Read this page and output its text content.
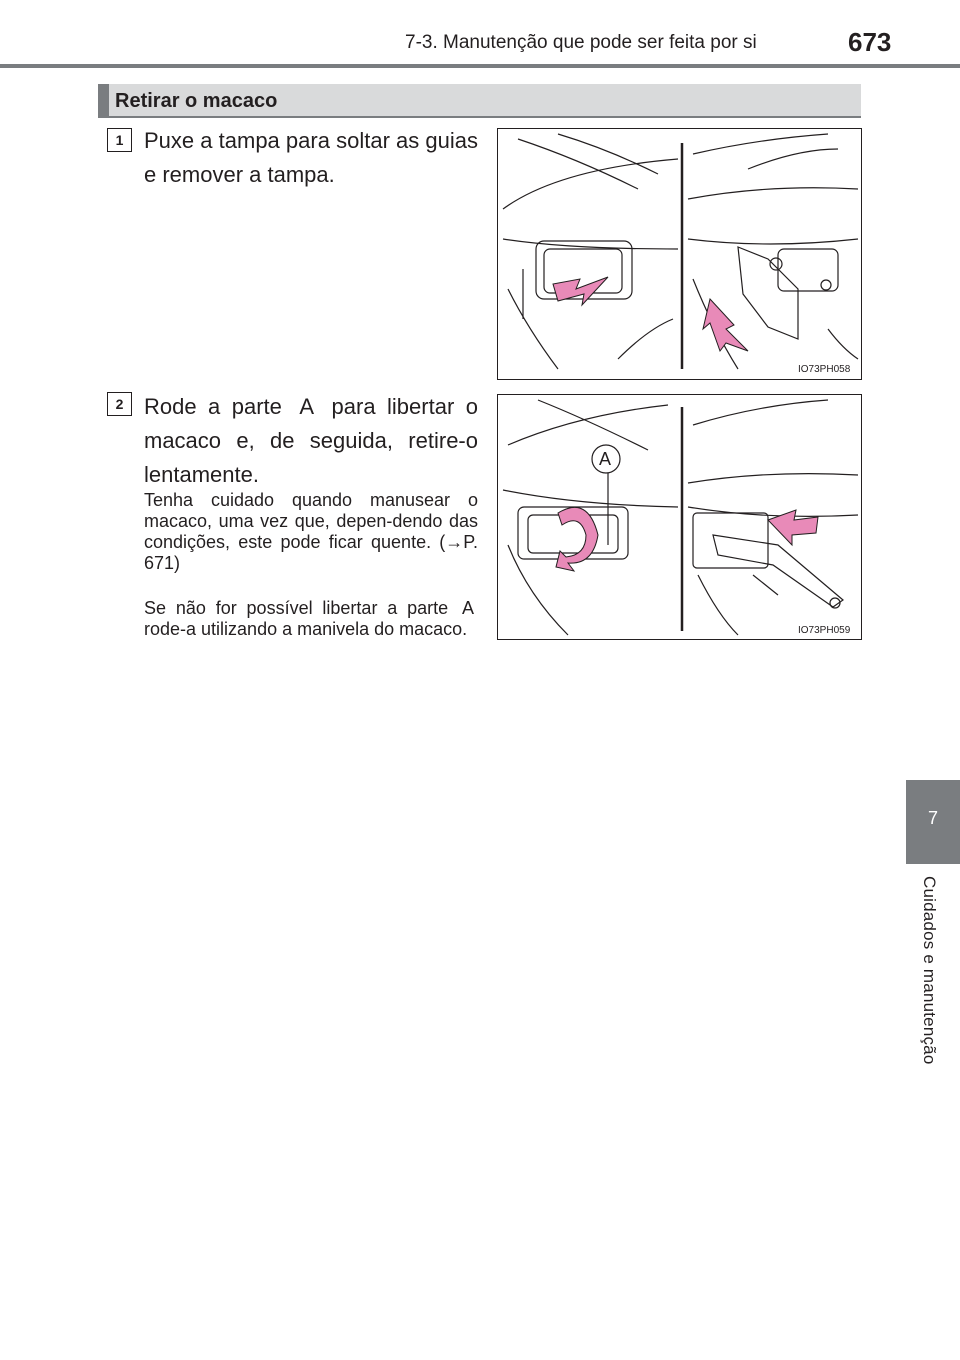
7-3. Manutenção que pode ser feita por si	673
Retirar o macaco
1 Puxe a tampa para soltar as guias e remover a tampa.
IO73PH058
2 Rode a parte A para libertar o macaco e, de seguida, retire-o lentamente.
Tenha cuidado quando manusear o macaco, uma vez que, depen-dendo das condições, este pode ficar quente. (→P. 671)
Se não for possível libertar a parte A rode-a utilizando a manivela do macaco.
A
IO73PH059
7
Cuidados e manutenção
